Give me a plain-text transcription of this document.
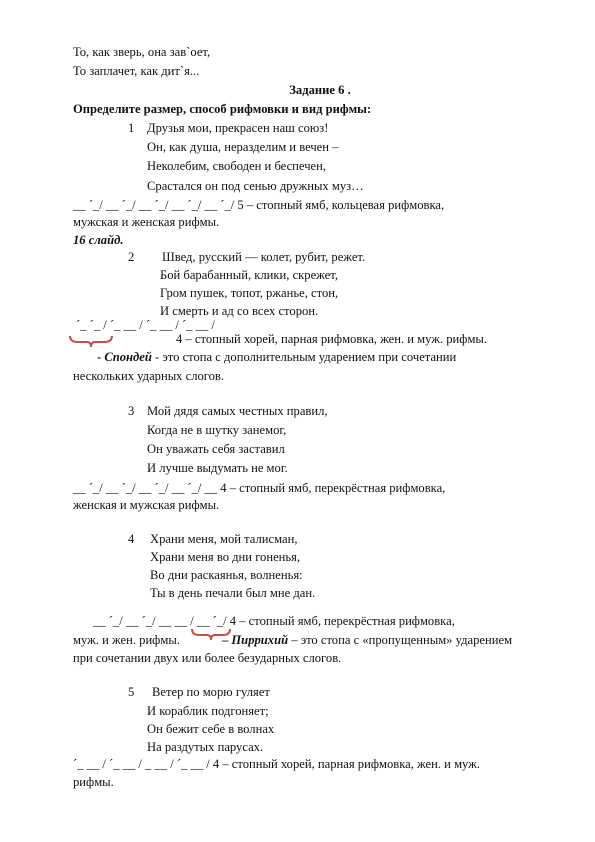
То, как зверь, она зав`оет,
То заплачет, как дит`я...
Задание 6 .
Определите размер, способ рифмовки и вид рифмы:
1 Друзья мои, прекрасен наш союз!
Он, как душа, неразделим и вечен –
Неколебим, свободен и беспечен,
Срастался он под сенью дружных муз…
__ ´_/ __ ´_/ __ ´_/ __ ´_/ __ ´_/ 5 – стопный ямб, кольцевая рифмовка,
мужская и женская рифмы.
16 слайд.
2 Швед, русский — колет, рубит, режет.
Бой барабанный, клики, скрежет,
Гром пушек, топот, ржанье, стон,
И смерть и ад со всех сторон.
´_ ´_ / ´_ __ / ´_ __ / ´_ __ /
4 – стопный хорей, парная рифмовка, жен. и муж. рифмы.
- Спондей - это стопа с дополнительным ударением при сочетании
нескольких ударных слогов.
3 Мой дядя самых честных правил,
Когда не в шутку занемог,
Он уважать себя заставил
И лучше выдумать не мог.
__ ´_/ __ ´_/ __ ´_/ __ ´_/ __ 4 – стопный ямб, перекрёстная рифмовка,
женская и мужская рифмы.
4 Храни меня, мой талисман,
Храни меня во дни гоненья,
Во дни раскаянья, волненья:
Ты в день печали был мне дан.
__ ´_/ __ ´_/ __ __ / __ ´_/ 4 – стопный ямб, перекрёстная рифмовка,
муж. и жен. рифмы.	– Пиррихий – это стопа с «пропущенным» ударением
при сочетании двух или более безударных слогов.
5 Ветер по морю гуляет
И кораблик подгоняет;
Он бежит себе в волнах
На раздутых парусах.
´_ __ / ´_ __ / _ __ / ´_ __ / 4 – стопный хорей, парная рифмовка, жен. и муж.
рифмы.
